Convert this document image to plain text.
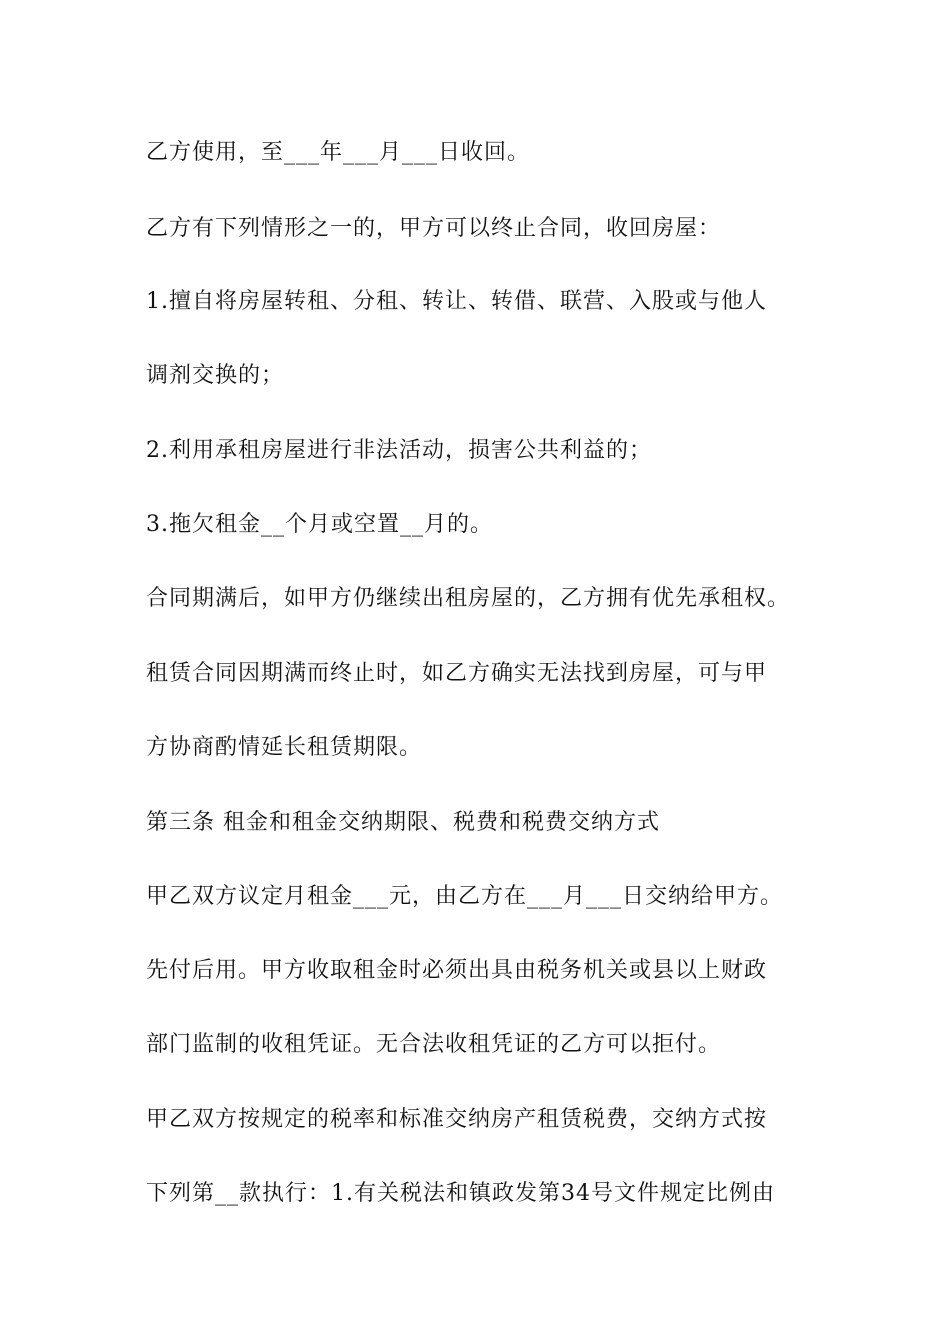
乙方使用，至___年___月___日收回。
乙方有下列情形之一的，甲方可以终止合同，收回房屋：
1.擅自将房屋转租、分租、转让、转借、联营、入股或与他人
调剂交换的；
2.利用承租房屋进行非法活动，损害公共利益的；
3.拖欠租金__个月或空置__月的。
合同期满后，如甲方仍继续出租房屋的，乙方拥有优先承租权。
租赁合同因期满而终止时，如乙方确实无法找到房屋，可与甲
方协商酌情延长租赁期限。
第三条 租金和租金交纳期限、税费和税费交纳方式
甲乙双方议定月租金___元，由乙方在___月___日交纳给甲方。
先付后用。甲方收取租金时必须出具由税务机关或县以上财政
部门监制的收租凭证。无合法收租凭证的乙方可以拒付。
甲乙双方按规定的税率和标准交纳房产租赁税费，交纳方式按
下列第__款执行：1.有关税法和镇政发第34号文件规定比例由
